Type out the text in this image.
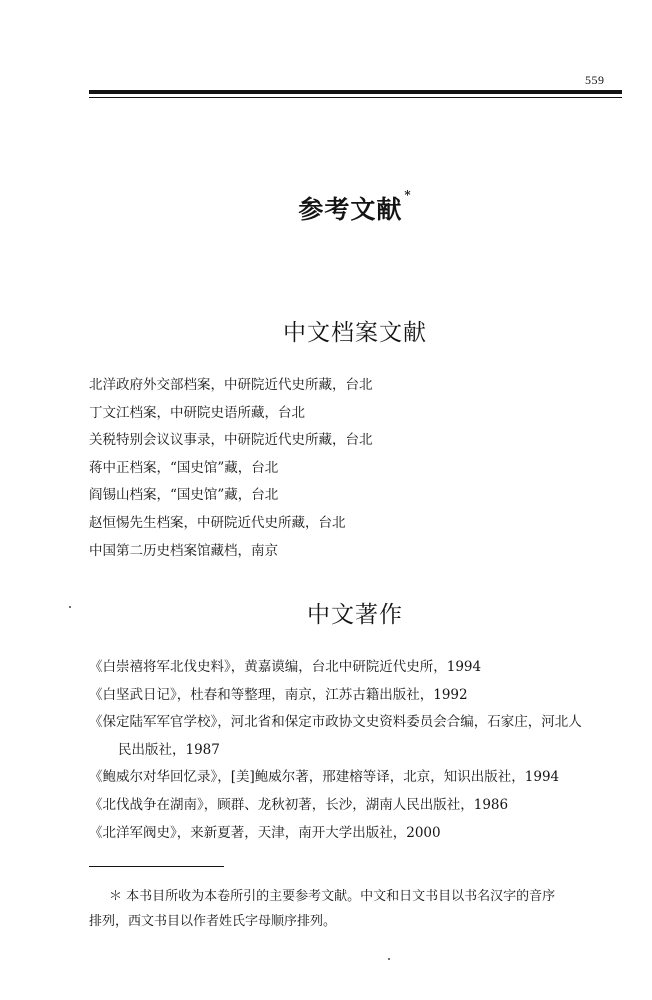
559
参考文献 *
中文档案文献
北洋政府外交部档案，中研院近代史所藏，台北
丁文江档案，中研院史语所藏，台北
关税特别会议议事录，中研院近代史所藏，台北
蒋中正档案，“国史馆”藏，台北
阎锡山档案，“国史馆”藏，台北
赵恒惕先生档案，中研院近代史所藏，台北
中国第二历史档案馆藏档，南京
中文著作
《白崇禧将军北伐史料》，黄嘉谟编，台北中研院近代史所，1994
《白坚武日记》，杜春和等整理，南京，江苏古籍出版社，1992
《保定陆军军官学校》，河北省和保定市政协文史资料委员会合编，石家庄，河北人
民出版社，1987
《鲍威尔对华回忆录》，[美]鲍威尔著，邢建榕等译，北京，知识出版社，1994
《北伐战争在湖南》，顾群、龙秋初著，长沙，湖南人民出版社，1986
《北洋军阀史》，来新夏著，天津，南开大学出版社，2000
＊ 本书目所收为本卷所引的主要参考文献。中文和日文书目以书名汉字的音序
排列，西文书目以作者姓氏字母顺序排列。
